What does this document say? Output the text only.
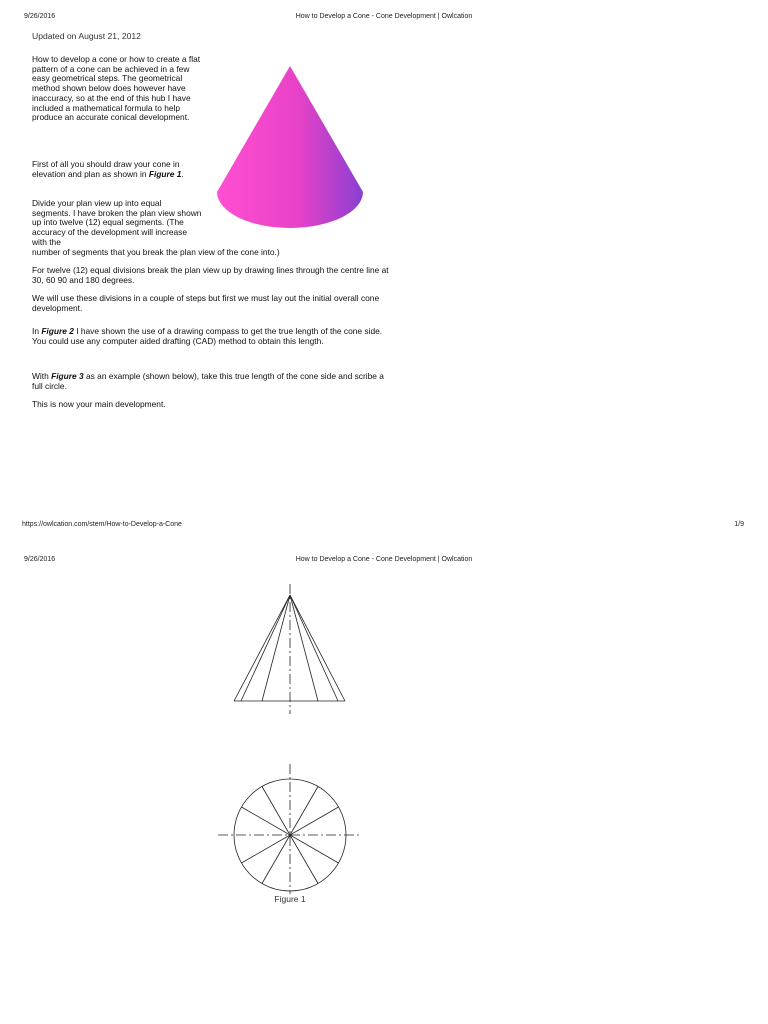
9/26/2016	How to Develop a Cone - Cone Development | Owlcation
Updated on August 21, 2012

How to develop a cone or how to create a flat pattern of a cone can be achieved in a few easy geometrical steps. The geometrical method shown below does however have inaccuracy, so at the end of this hub I have included a mathematical formula to help produce an accurate conical development.

First of all you should draw your cone in elevation and plan as shown in Figure 1.

Divide your plan view up into equal segments. I have broken the plan view shown up into twelve (12) equal segments. (The accuracy of the development will increase with the

number of segments that you break the plan view of the cone into.)

For twelve (12) equal divisions break the plan view up by drawing lines through the centre line at 30, 60 90 and 180 degrees.

We will use these divisions in a couple of steps but first we must lay out the initial overall cone development.

In Figure 2 I have shown the use of a drawing compass to get the true length of the cone side. You could use any computer aided drafting (CAD) method to obtain this length.

With Figure 3 as an example (shown below), take this true length of the cone side and scribe a full circle.

This is now your main development.

https://owlcation.com/stem/How-to-Develop-a-Cone	1/9
9/26/2016	How to Develop a Cone - Cone Development | Owlcation
Figure 1
